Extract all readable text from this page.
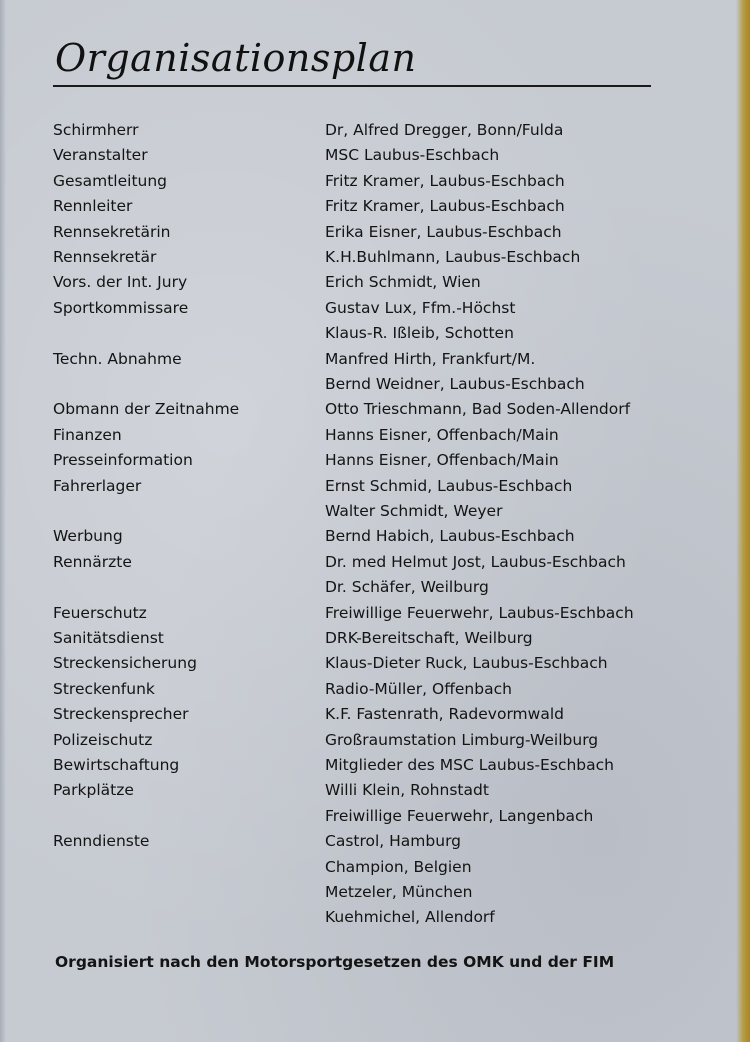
Organisationsplan
Schirmherr	Dr, Alfred Dregger, Bonn/Fulda
Veranstalter	MSC Laubus-Eschbach
Gesamtleitung	Fritz Kramer, Laubus-Eschbach
Rennleiter	Fritz Kramer, Laubus-Eschbach
Rennsekretärin	Erika Eisner, Laubus-Eschbach
Rennsekretär	K.H.Buhlmann, Laubus-Eschbach
Vors. der Int. Jury	Erich Schmidt, Wien
Sportkommissare	Gustav Lux, Ffm.-Höchst
Klaus-R. Ißleib, Schotten
Techn. Abnahme	Manfred Hirth, Frankfurt/M.
Bernd Weidner, Laubus-Eschbach
Obmann der Zeitnahme	Otto Trieschmann, Bad Soden-Allendorf
Finanzen	Hanns Eisner, Offenbach/Main
Presseinformation	Hanns Eisner, Offenbach/Main
Fahrerlager	Ernst Schmid, Laubus-Eschbach
Walter Schmidt, Weyer
Werbung	Bernd Habich, Laubus-Eschbach
Rennärzte	Dr. med Helmut Jost, Laubus-Eschbach
Dr. Schäfer, Weilburg
Feuerschutz	Freiwillige Feuerwehr, Laubus-Eschbach
Sanitätsdienst	DRK-Bereitschaft, Weilburg
Streckensicherung	Klaus-Dieter Ruck, Laubus-Eschbach
Streckenfunk	Radio-Müller, Offenbach
Streckensprecher	K.F. Fastenrath, Radevormwald
Polizeischutz	Großraumstation Limburg-Weilburg
Bewirtschaftung	Mitglieder des MSC Laubus-Eschbach
Parkplätze	Willi Klein, Rohnstadt
Freiwillige Feuerwehr, Langenbach
Renndienste	Castrol, Hamburg
Champion, Belgien
Metzeler, München
Kuehmichel, Allendorf
Organisiert nach den Motorsportgesetzen des OMK und der FIM
